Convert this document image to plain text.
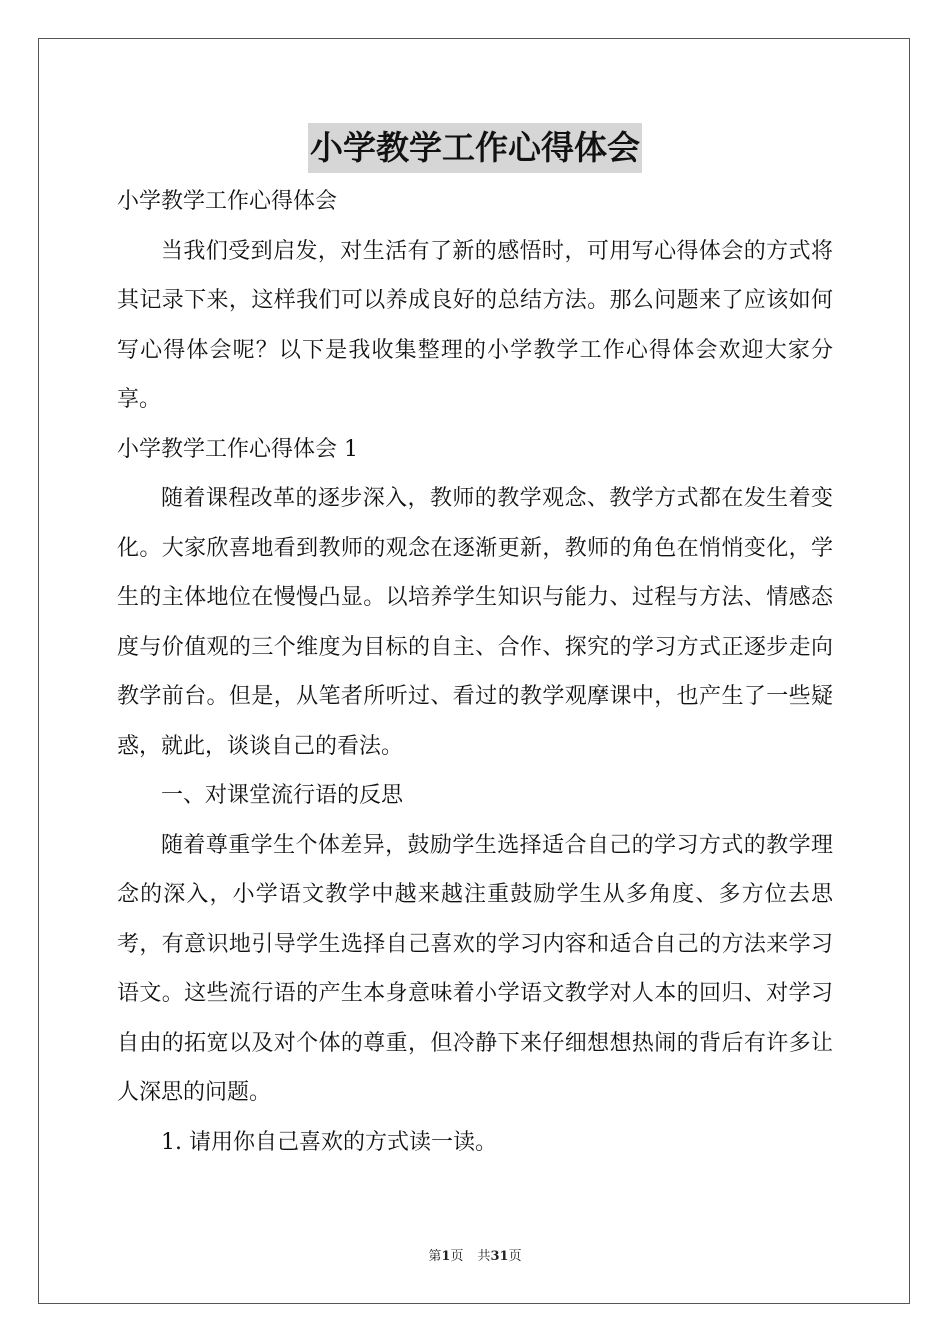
小学教学工作心得体会
小学教学工作心得体会

当我们受到启发，对生活有了新的感悟时，可用写心得体会的方式将其记录下来，这样我们可以养成良好的总结方法。那么问题来了应该如何写心得体会呢？以下是我收集整理的小学教学工作心得体会欢迎大家分享。

小学教学工作心得体会 1

随着课程改革的逐步深入，教师的教学观念、教学方式都在发生着变化。大家欣喜地看到教师的观念在逐渐更新，教师的角色在悄悄变化，学生的主体地位在慢慢凸显。以培养学生知识与能力、过程与方法、情感态度与价值观的三个维度为目标的自主、合作、探究的学习方式正逐步走向教学前台。但是，从笔者所听过、看过的教学观摩课中，也产生了一些疑惑，就此，谈谈自己的看法。

一、对课堂流行语的反思

随着尊重学生个体差异，鼓励学生选择适合自己的学习方式的教学理念的深入，小学语文教学中越来越注重鼓励学生从多角度、多方位去思考，有意识地引导学生选择自己喜欢的学习内容和适合自己的方法来学习语文。这些流行语的产生本身意味着小学语文教学对人本的回归、对学习自由的拓宽以及对个体的尊重，但冷静下来仔细想想热闹的背后有许多让人深思的问题。

1. 请用你自己喜欢的方式读一读。
第1页 共31页
